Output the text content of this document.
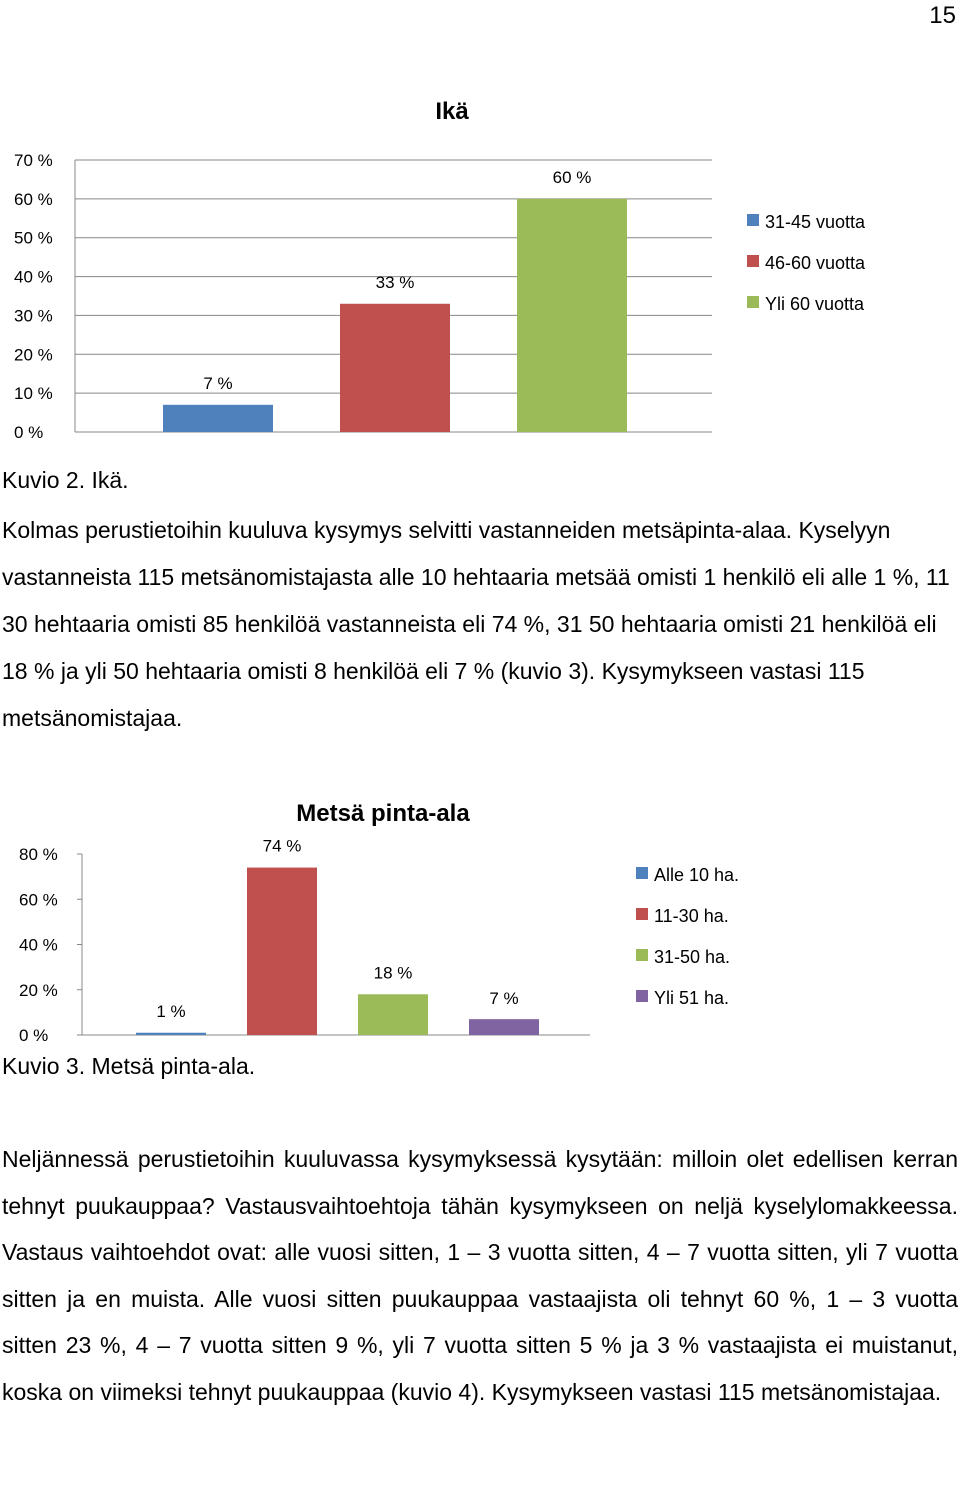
15
Ikä
0 %
10 %
20 %
30 %
40 %
50 %
60 %
70 %
7 %
33 %
60 %
31-45 vuotta
46-60 vuotta
Yli 60 vuotta
Kuvio 2. Ikä.
Kolmas perustietoihin kuuluva kysymys selvitti vastanneiden metsäpinta-alaa. Kyselyyn vastanneista 115 metsänomistajasta alle 10 hehtaaria metsää omisti 1 henkilö eli alle 1 %, 11 30 hehtaaria omisti 85 henkilöä vastanneista eli 74 %, 31 50 hehtaaria omisti 21 henkilöä eli 18 % ja yli 50 hehtaaria omisti 8 henkilöä eli 7 % (kuvio 3). Kysymykseen vastasi 115 metsänomistajaa.
Metsä pinta-ala
0 %
20 %
40 %
60 %
80 %
1 %
74 %
18 %
7 %
Alle 10 ha.
11-30 ha.
31-50 ha.
Yli 51 ha.
Kuvio 3. Metsä pinta-ala.
Neljännessä perustietoihin kuuluvassa kysymyksessä kysytään: milloin olet edellisen kerran tehnyt puukauppaa? Vastausvaihtoehtoja tähän kysymykseen on neljä kyselylomakkeessa. Vastaus vaihtoehdot ovat: alle vuosi sitten, 1 – 3 vuotta sitten, 4 – 7 vuotta sitten, yli 7 vuotta sitten ja en muista. Alle vuosi sitten puukauppaa vastaajista oli tehnyt 60 %, 1 – 3 vuotta sitten 23 %, 4 – 7 vuotta sitten 9 %, yli 7 vuotta sitten 5 % ja 3 % vastaajista ei muistanut, koska on viimeksi tehnyt puukauppaa (kuvio 4). Kysymykseen vastasi 115 metsänomistajaa.
